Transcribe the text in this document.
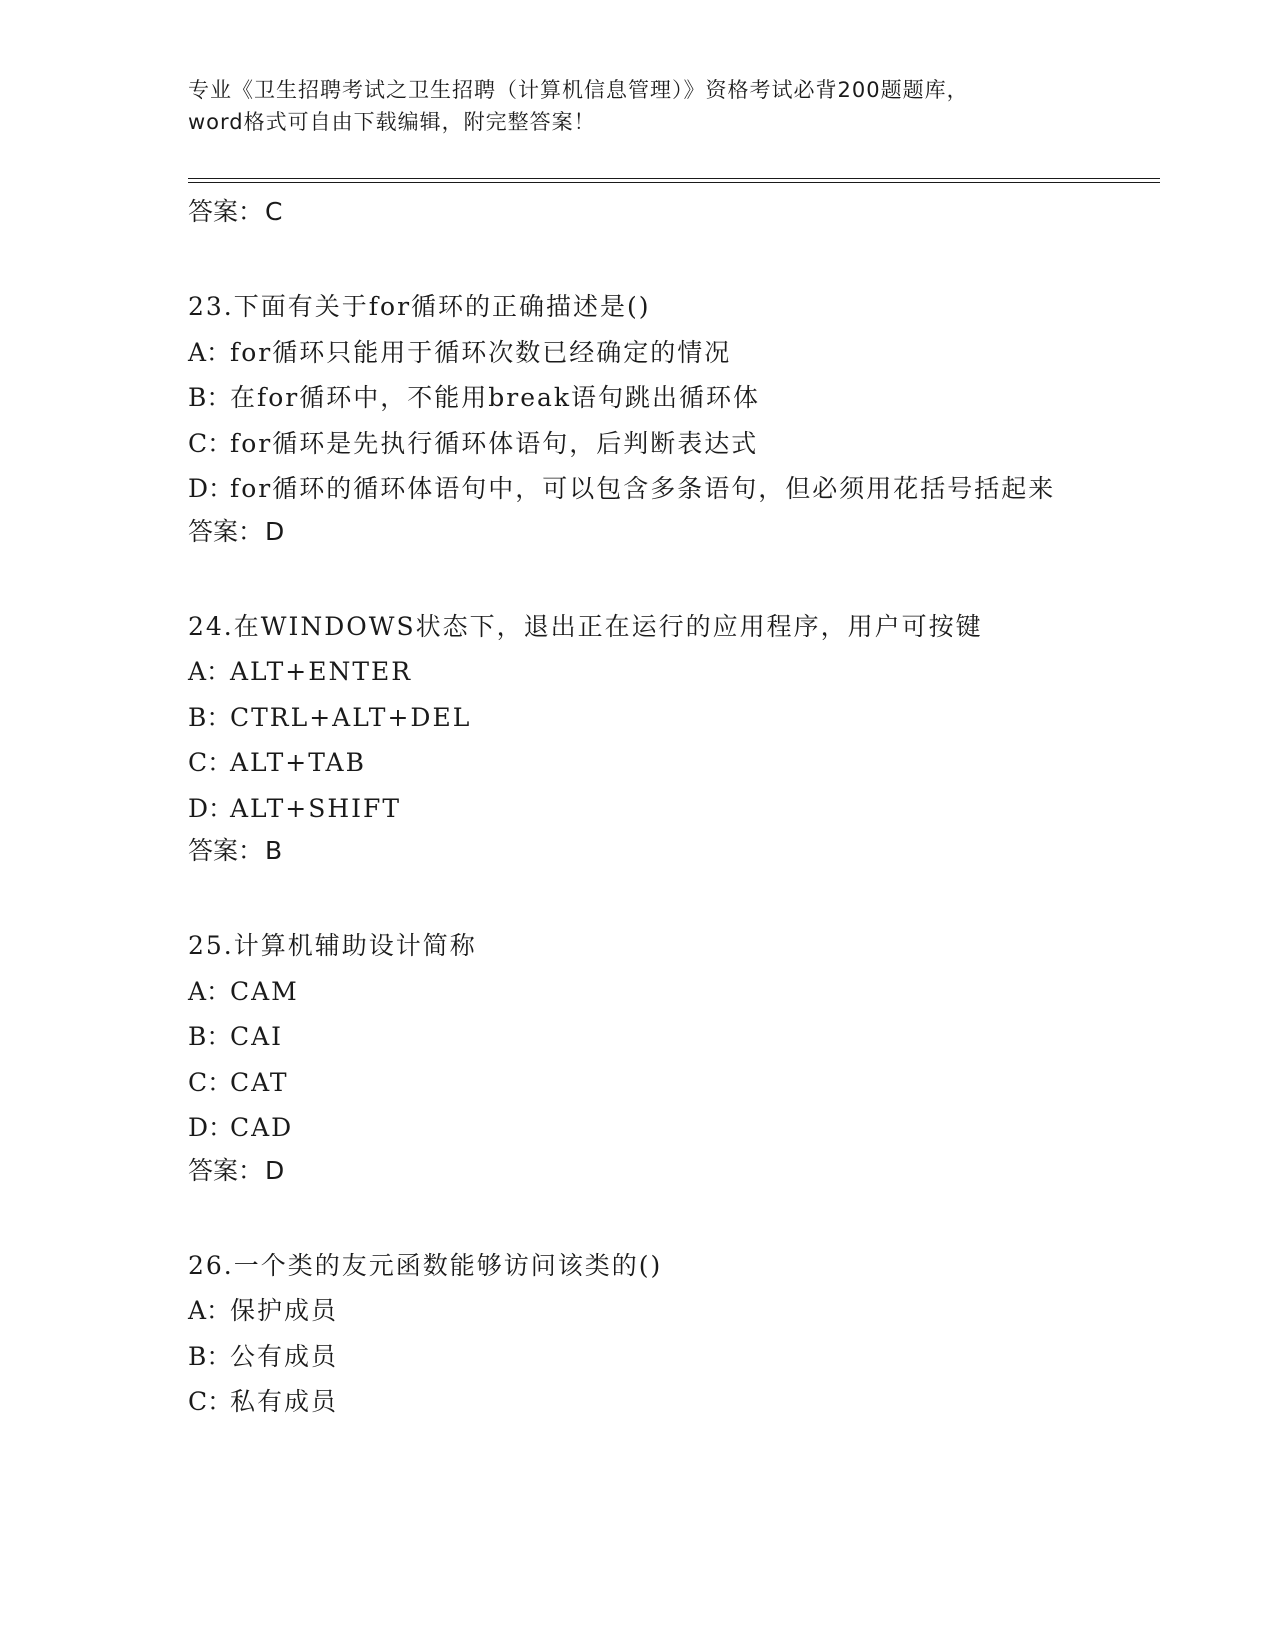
专业《卫生招聘考试之卫生招聘（计算机信息管理）》资格考试必背200题题库，
word格式可自由下载编辑，附完整答案！
答案：C
23.下面有关于for循环的正确描述是()
A：for循环只能用于循环次数已经确定的情况
B：在for循环中，不能用break语句跳出循环体
C：for循环是先执行循环体语句，后判断表达式
D：for循环的循环体语句中，可以包含多条语句，但必须用花括号括起来
答案：D
24.在WINDOWS状态下，退出正在运行的应用程序，用户可按键
A：ALT+ENTER
B：CTRL+ALT+DEL
C：ALT+TAB
D：ALT+SHIFT
答案：B
25.计算机辅助设计简称
A：CAM
B：CAI
C：CAT
D：CAD
答案：D
26.一个类的友元函数能够访问该类的()
A：保护成员
B：公有成员
C：私有成员
